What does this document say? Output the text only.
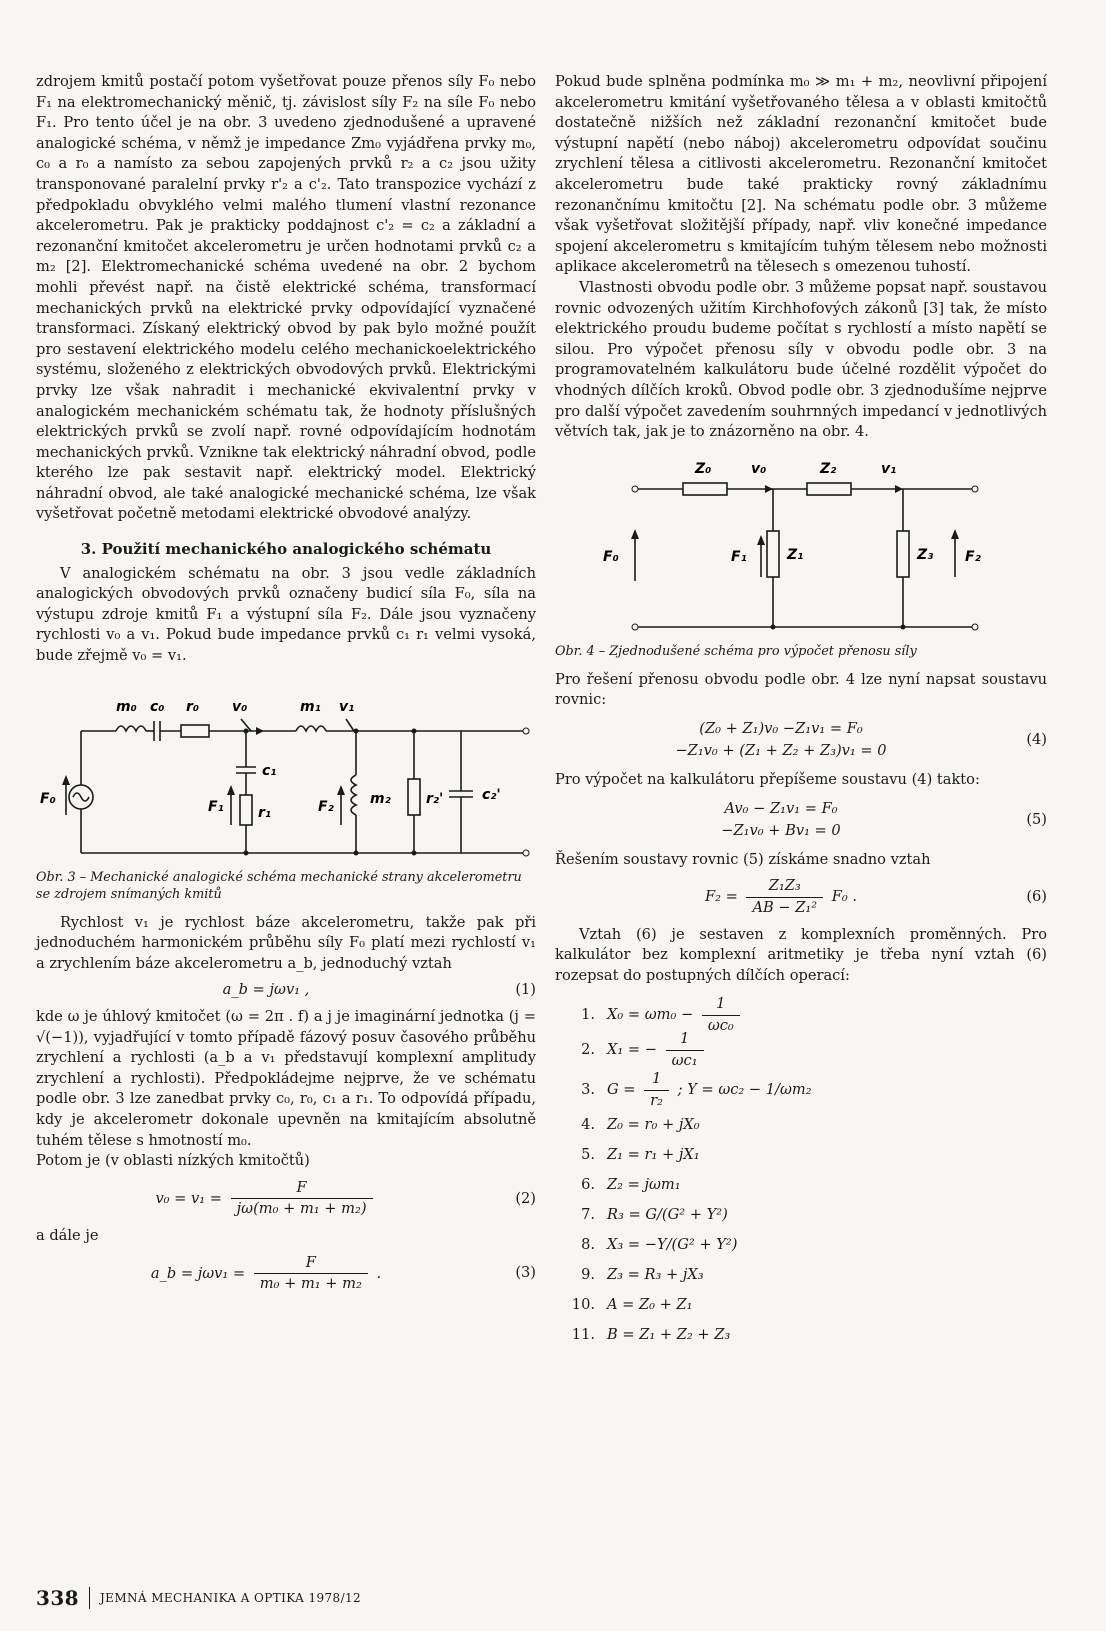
zdrojem kmitů postačí potom vyšetřovat pouze přenos síly F₀ nebo F₁ na elektromechanický měnič, tj. závislost síly F₂ na síle F₀ nebo F₁. Pro tento účel je na obr. 3 uvedeno zjednodušené a upravené analogické schéma, v němž je impedance Zm₀ vyjádřena prvky m₀, c₀ a r₀ a namísto za sebou zapojených prvků r₂ a c₂ jsou užity transponované paralelní prvky r'₂ a c'₂. Tato transpozice vychází z předpokladu obvyklého velmi malého tlumení vlastní rezonance akcelerometru. Pak je prakticky poddajnost c'₂ = c₂ a základní a rezonanční kmitočet akcelerometru je určen hodnotami prvků c₂ a m₂ [2]. Elektromechanické schéma uvedené na obr. 2 bychom mohli převést např. na čistě elektrické schéma, transformací mechanických prvků na elektrické prvky odpovídající vyznačené transformaci. Získaný elektrický obvod by pak bylo možné použít pro sestavení elektrického modelu celého mechanickoelektrického systému, složeného z elektrických obvodových prvků. Elektrickými prvky lze však nahradit i mechanické ekvivalentní prvky v analogickém mechanickém schématu tak, že hodnoty příslušných elektrických prvků se zvolí např. rovné odpovídajícím hodnotám mechanických prvků. Vznikne tak elektrický náhradní obvod, podle kterého lze pak sestavit např. elektrický model. Elektrický náhradní obvod, ale také analogické mechanické schéma, lze však vyšetřovat početně metodami elektrické obvodové analýzy.

3. Použití mechanického analogického schématu

V analogickém schématu na obr. 3 jsou vedle základních analogických obvodových prvků označeny budicí síla F₀, síla na výstupu zdroje kmitů F₁ a výstupní síla F₂. Dále jsou vyznačeny rychlosti v₀ a v₁. Pokud bude impedance prvků c₁ r₁ velmi vysoká, bude zřejmě v₀ = v₁.

m₀ c₀ r₀ v₀	m₁ v₁
c₁
r₁
F₁	F₂	m₂	r₂'	c₂'
F₀
Obr. 3 – Mechanické analogické schéma mechanické strany akcelerometru se zdrojem snímaných kmitů

Rychlost v₁ je rychlost báze akcelerometru, takže pak při jednoduchém harmonickém průběhu síly F₀ platí mezi rychlostí v₁ a zrychlením báze akcelerometru a_b, jednoduchý vztah

a_b = jωv₁ ,	(1)

kde ω je úhlový kmitočet (ω = 2π . f) a j je imaginární jednotka (j = √(−1)), vyjadřující v tomto případě fázový posuv časového průběhu zrychlení a rychlosti (a_b a v₁ představují komplexní amplitudy zrychlení a rychlosti). Předpokládejme nejprve, že ve schématu podle obr. 3 lze zanedbat prvky c₀, r₀, c₁ a r₁. To odpovídá případu, kdy je akcelerometr dokonale upevněn na kmitajícím absolutně tuhém tělese s hmotností m₀.

Potom je (v oblasti nízkých kmitočtů)

$v_0 = v_1 = \frac{F}{\text{jω(m₀ + m₁ + m₂)}}$	(2)

a dále je

a_b = $j\omega v_1 = \frac{F}{\text{m₀ + m₁ + m₂}}$ .	(3)

Pokud bude splněna podmínka m₀ ≫ m₁ + m₂, neovlivní připojení akcelerometru kmitání vyšetřovaného tělesa a v oblasti kmitočtů dostatečně nižších než základní rezonanční kmitočet bude výstupní napětí (nebo náboj) akcelerometru odpovídat součinu zrychlení tělesa a citlivosti akcelerometru. Rezonanční kmitočet akcelerometru bude také prakticky rovný základnímu rezonančnímu kmitočtu [2]. Na schématu podle obr. 3 můžeme však vyšetřovat složitější případy, např. vliv konečné impedance spojení akcelerometru s kmitajícím tuhým tělesem nebo možnosti aplikace akcelerometrů na tělesech s omezenou tuhostí.

Vlastnosti obvodu podle obr. 3 můžeme popsat např. soustavou rovnic odvozených užitím Kirchhofových zákonů [3] tak, že místo elektrického proudu budeme počítat s rychlostí a místo napětí se silou. Pro výpočet přenosu síly v obvodu podle obr. 3 na programovatelném kalkulátoru bude účelné rozdělit výpočet do vhodných dílčích kroků. Obvod podle obr. 3 zjednodušíme nejprve pro další výpočet zavedením souhrnných impedancí v jednotlivých větvích tak, jak je to znázorněno na obr. 4.

Z₀	v₀	Z₂	v₁
F₀	F₁	Z₁	Z₃ F₂
Obr. 4 – Zjednodušené schéma pro výpočet přenosu síly

Pro řešení přenosu obvodu podle obr. 4 lze nyní napsat soustavu rovnic:

(Z₀ + Z₁)v₀ −Z₁v₁ = F₀
−Z₁v₀ + (Z₁ + Z₂ + Z₃)v₁ = 0
(4)

Pro výpočet na kalkulátoru přepíšeme soustavu (4) takto:

Av₀ − Z₁v₁ = F₀
−Z₁v₀ + Bv₁ = 0
(5)

Řešením soustavy rovnic (5) získáme snadno vztah

$F_2 = \frac{\text{Z₁Z₃}}{\text{AB − Z₁²}} F_0$ .	(6)

Vztah (6) je sestaven z komplexních proměnných. Pro kalkulátor bez komplexní aritmetiky je třeba nyní vztah (6) rozepsat do postupných dílčích operací:

1. $X_0 = \omega m_0 - \frac{1}{\text{ωc₀}}$
2. X₁ = − $\frac{1}{\text{ωc₁}}$
3. $G = \frac{1}{\text{r₂}}$ ; Y = ωc₂ − 1/ωm₂
4. Z₀ = r₀ + jX₀
5. Z₁ = r₁ + jX₁
6. Z₂ = jωm₁
7. R₃ = G/(G² + Y²)
8. X₃ = −Y/(G² + Y²)
9. Z₃ = R₃ + jX₃
10. A = Z₀ + Z₁
11. B = Z₁ + Z₂ + Z₃
338 JEMNÁ MECHANIKA A OPTIKA 1978/12
